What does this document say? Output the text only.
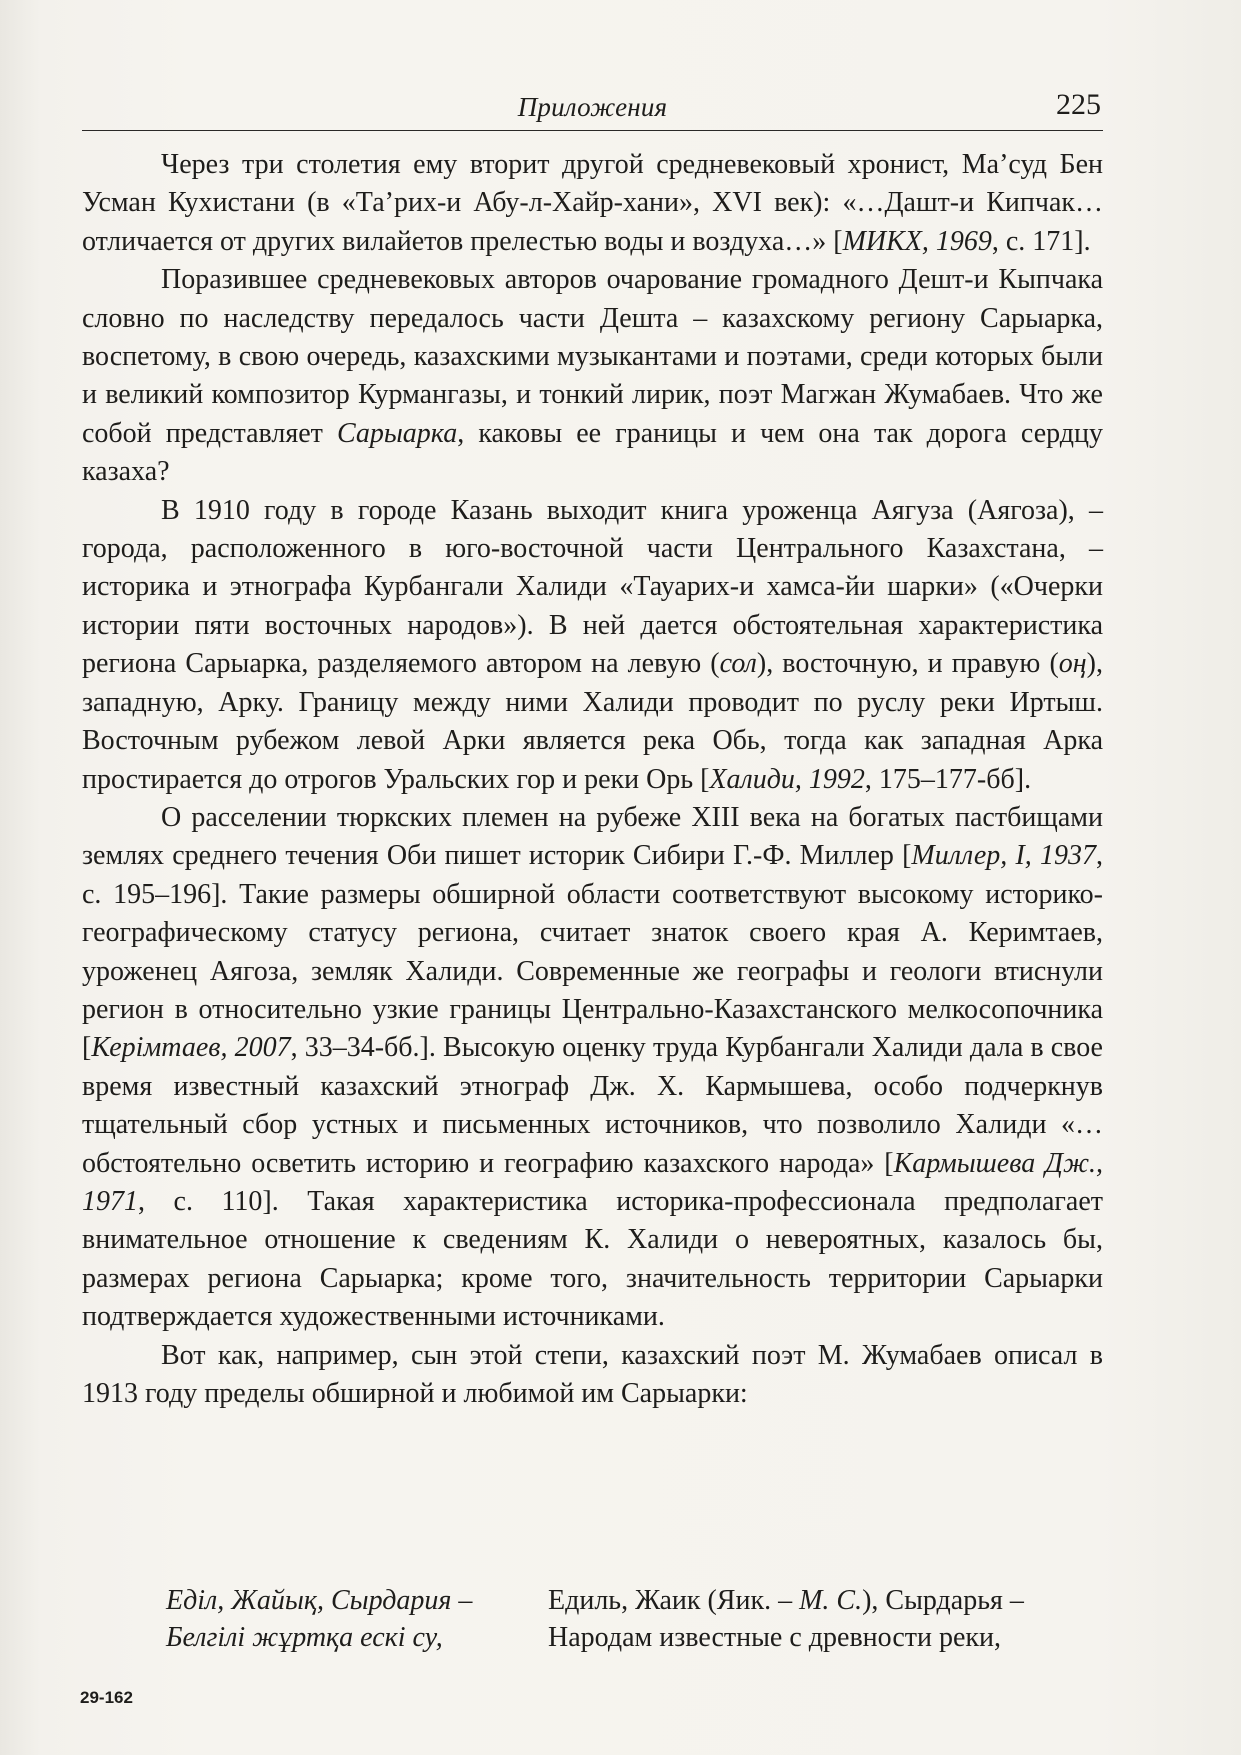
Приложения	225

Через три столетия ему вторит другой средневековый хронист, Ма’суд Бен Усман Кухистани (в «Та’рих-и Абу-л-Хайр-хани», XVI век): «…Дашт-и Кипчак… отличается от других вилайетов прелестью воды и воздуха…» [МИКХ, 1969, с. 171].

Поразившее средневековых авторов очарование громадного Дешт-и Кыпчака словно по наследству передалось части Дешта – казахскому региону Сарыарка, воспетому, в свою очередь, казахскими музыкантами и поэтами, среди которых были и великий композитор Курмангазы, и тонкий лирик, поэт Магжан Жумабаев. Что же собой представляет Сарыарка, каковы ее границы и чем она так дорога сердцу казаха?

В 1910 году в городе Казань выходит книга уроженца Аягуза (Аягоза), – города, расположенного в юго-восточной части Центрального Казахстана, – историка и этнографа Курбангали Халиди «Тауарих-и хамса-йи шарки» («Очерки истории пяти восточных народов»). В ней дается обстоятельная характеристика региона Сарыарка, разделяемого автором на левую (сол), восточную, и правую (оң), западную, Арку. Границу между ними Халиди проводит по руслу реки Иртыш. Восточным рубежом левой Арки является река Обь, тогда как западная Арка простирается до отрогов Уральских гор и реки Орь [Халиди, 1992, 175–177-бб].

О расселении тюркских племен на рубеже XIII века на богатых пастбищами землях среднего течения Оби пишет историк Сибири Г.-Ф. Миллер [Миллер, I, 1937, с. 195–196]. Такие размеры обширной области соответствуют высокому историко-географическому статусу региона, считает знаток своего края А. Керимтаев, уроженец Аягоза, земляк Халиди. Современные же географы и геологи втиснули регион в относительно узкие границы Центрально-Казахстанского мелкосопочника [Керімтаев, 2007, 33–34-бб.]. Высокую оценку труда Курбангали Халиди дала в свое время известный казахский этнограф Дж. Х. Кармышева, особо подчеркнув тщательный сбор устных и письменных источников, что позволило Халиди «…обстоятельно осветить историю и географию казахского народа» [Кармышева Дж., 1971, с. 110]. Такая характеристика историка-профессионала предполагает внимательное отношение к сведениям К. Халиди о невероятных, казалось бы, размерах региона Сарыарка; кроме того, значительность территории Сарыарки подтверждается художественными источниками.

Вот как, например, сын этой степи, казахский поэт М. Жумабаев описал в 1913 году пределы обширной и любимой им Сарыарки:

Еділ, Жайық, Сырдария –
Белгілі жұртқа ескі су,
Едиль, Жаик (Яик. – М. С.), Сырдарья –
Народам известные с древности реки,
29-162
